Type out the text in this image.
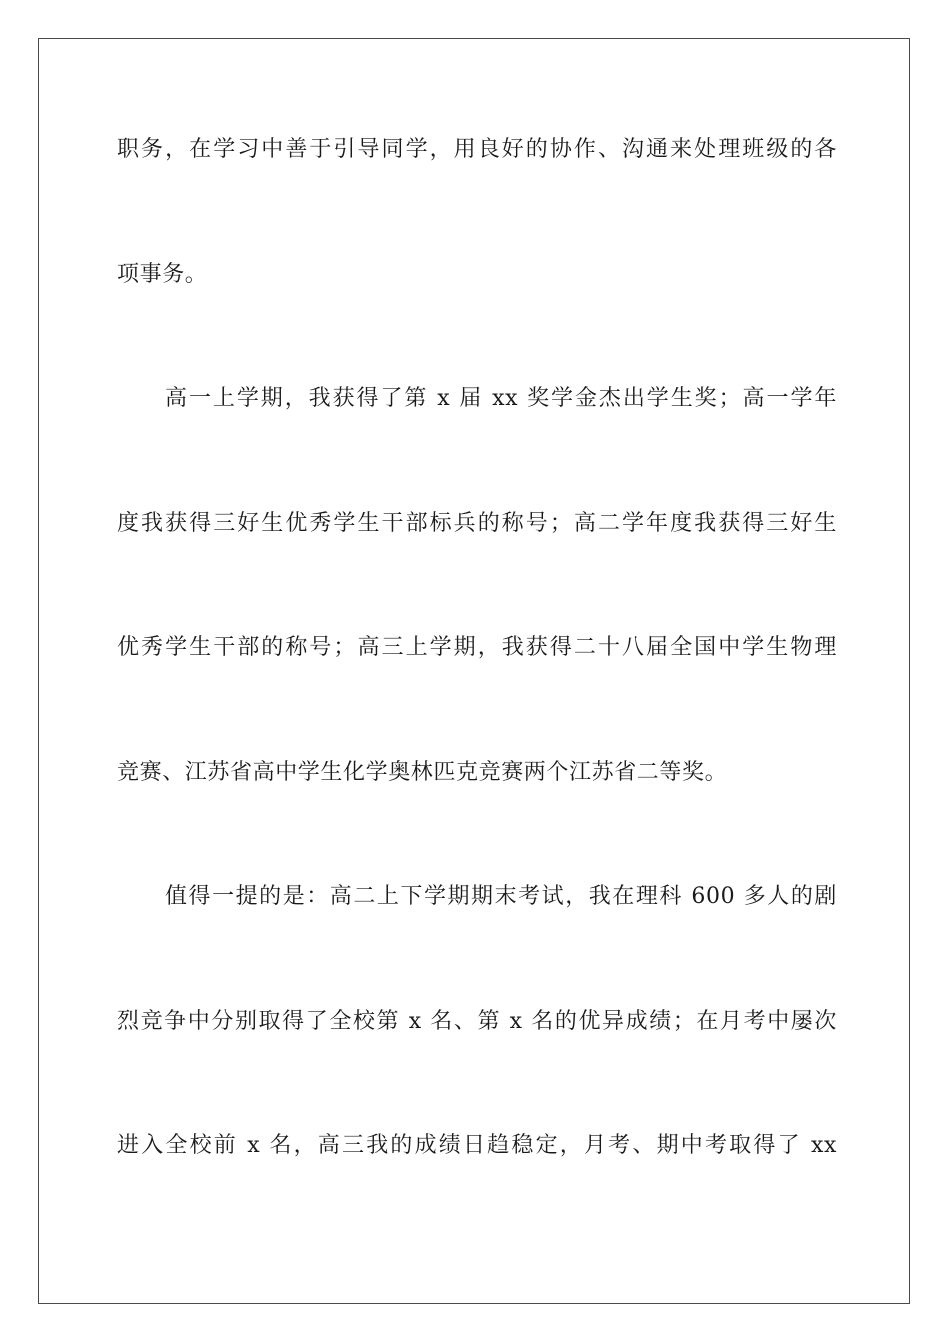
职务，在学习中善于引导同学，用良好的协作、沟通来处理班级的各
项事务。
高一上学期，我获得了第 x 届 xx 奖学金杰出学生奖；高一学年
度我获得三好生优秀学生干部标兵的称号；高二学年度我获得三好生
优秀学生干部的称号；高三上学期，我获得二十八届全国中学生物理
竞赛、江苏省高中学生化学奥林匹克竞赛两个江苏省二等奖。
值得一提的是：高二上下学期期末考试，我在理科 600 多人的剧
烈竞争中分别取得了全校第 x 名、第 x 名的优异成绩；在月考中屡次
进入全校前 x 名，高三我的成绩日趋稳定，月考、期中考取得了 xx
